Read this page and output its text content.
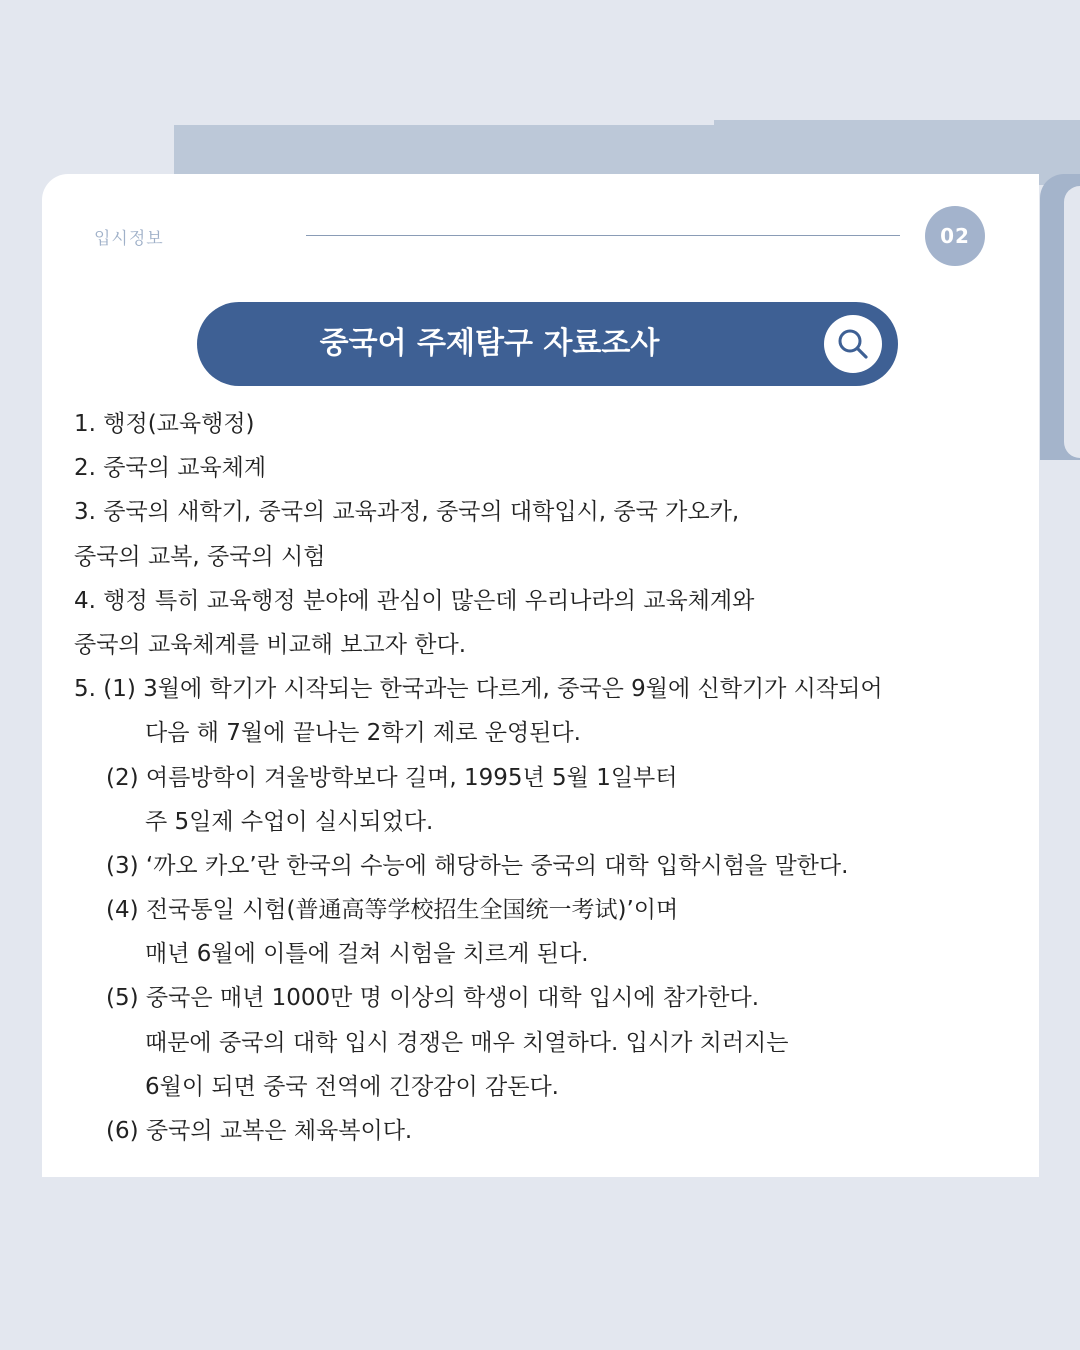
입시정보	02
중국어 주제탐구 자료조사
1. 행정(교육행정)
2. 중국의 교육체계
3. 중국의 새학기, 중국의 교육과정, 중국의 대학입시, 중국 가오카,
중국의 교복, 중국의 시험
4. 행정 특히 교육행정 분야에 관심이 많은데 우리나라의 교육체계와
중국의 교육체계를 비교해 보고자 한다.
5. (1) 3월에 학기가 시작되는 한국과는 다르게, 중국은 9월에 신학기가 시작되어
다음 해 7월에 끝나는 2학기 제로 운영된다.
(2) 여름방학이 겨울방학보다 길며, 1995년 5월 1일부터
주 5일제 수업이 실시되었다.
(3) ‘까오 카오’란 한국의 수능에 해당하는 중국의 대학 입학시험을 말한다.
(4) 전국통일 시험(普通高等学校招生全国统一考试)’이며
매년 6월에 이틀에 걸쳐 시험을 치르게 된다.
(5) 중국은 매년 1000만 명 이상의 학생이 대학 입시에 참가한다.
때문에 중국의 대학 입시 경쟁은 매우 치열하다. 입시가 치러지는
6월이 되면 중국 전역에 긴장감이 감돈다.
(6) 중국의 교복은 체육복이다.
